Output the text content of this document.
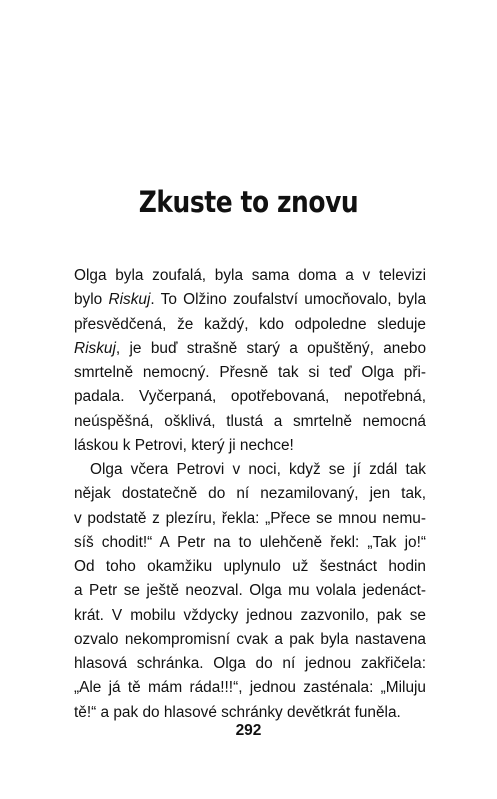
Zkuste to znovu
Olga byla zoufalá, byla sama doma a v televizi
bylo Riskuj. To Olžino zoufalství umocňovalo, byla
přesvědčená, že každý, kdo odpoledne sleduje
Riskuj, je buď strašně starý a opuštěný, anebo
smrtelně nemocný. Přesně tak si teď Olga při-
padala. Vyčerpaná, opotřebovaná, nepotřebná,
neúspěšná, ošklivá, tlustá a smrtelně nemocná
láskou k Petrovi, který ji nechce!
Olga včera Petrovi v noci, když se jí zdál tak
nějak dostatečně do ní nezamilovaný, jen tak,
v podstatě z plezíru, řekla: „Přece se mnou nemu-
síš chodit!“ A Petr na to ulehčeně řekl: „Tak jo!“
Od toho okamžiku uplynulo už šestnáct hodin
a Petr se ještě neozval. Olga mu volala jedenáct-
krát. V mobilu vždycky jednou zazvonilo, pak se
ozvalo nekompromisní cvak a pak byla nastavena
hlasová schránka. Olga do ní jednou zakřičela:
„Ale já tě mám ráda!!!“, jednou zasténala: „Miluju
tě!“ a pak do hlasové schránky devětkrát funěla.
292
